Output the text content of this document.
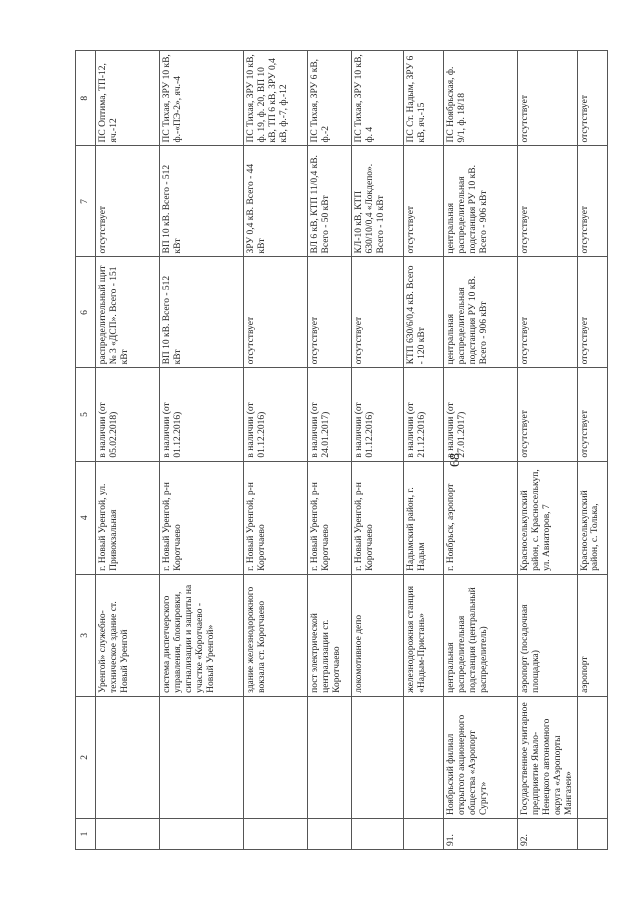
68
1	2	3	4	5	6	7	8
		Уренгой» служебно-техническое здание ст. Новый Уренгой	г. Новый Уренгой, ул. Привокзальная	в наличии (от 05.02.2018)	распределительный щит № 3 «ДСП». Всего - 151 кВт	отсутствует	ПС Оптима, ТП-12, яч.-12
		система диспетчерского управления, блокировки, сигнализации и защиты на участке «Коротчаево - Новый Уренгой»	г. Новый Уренгой, р-н Коротчаево	в наличии (от 01.12.2016)	ВП 10 кВ. Всего - 512 кВт	ВП 10 кВ. Всего - 512 кВт	ПС Тихая, ЗРУ 10 кВ, ф.-«ПЭ-2», яч.-4
		здание железнодорожного вокзала ст. Коротчаево	г. Новый Уренгой, р-н Коротчаево	в наличии (от 01.12.2016)	отсутствует	ЗРУ 0,4 кВ. Всего - 44 кВт	ПС Тихая, ЗРУ 10 кВ, ф. 19, ф. 20, ВП 10 кВ, ТП 6 кВ, ЗРУ 0,4 кВ, ф.-7, ф.-12
		пост электрической централизации ст. Коротчаево	г. Новый Уренгой, р-н Коротчаево	в наличии (от 24.01.2017)	отсутствует	ВЛ 6 кВ, КТП 11/0,4 кВ. Всего - 50 кВт	ПС Тихая, ЗРУ 6 кВ, ф.-2
		локомотивное депо	г. Новый Уренгой, р-н Коротчаево	в наличии (от 01.12.2016)	отсутствует	КЛ-10 кВ, КТП 630/10/0,4 «Локдепо». Всего - 10 кВт	ПС Тихая, ЗРУ 10 кВ, ф. 4
		железнодорожная станция «Надым-Пристань»	Надымский район, г. Надым	в наличии (от 21.12.2016)	КТП 630/6/0,4 кВ. Всего - 120 кВт	отсутствует	ПС Ст. Надым, ЗРУ 6 кВ, яч.-15
91.	Ноябрьский филиал открытого акционерного общества «Аэропорт Сургут»	центральная распределительная подстанция (центральный распределитель)	г. Ноябрьск, аэропорт	в наличии (от 27.01.2017)	центральная распределительная подстанция РУ 10 кВ. Всего - 906 кВт	центральная распределительная подстанция РУ 10 кВ. Всего - 906 кВт	ПС Ноябрьская, ф. 9/1, ф. 18/18
92.	Государственное унитарное предприятие Ямало-Ненецкого автономного округа «Аэропорты Мангазеи»	аэропорт (посадочная площадка)	Красноселькупский район, с. Красноселькуп, ул. Авиаторов, 7	отсутствует	отсутствует	отсутствует	отсутствует
		аэропорт	Красноселькупский район, с. Толька,	отсутствует	отсутствует	отсутствует	отсутствует
